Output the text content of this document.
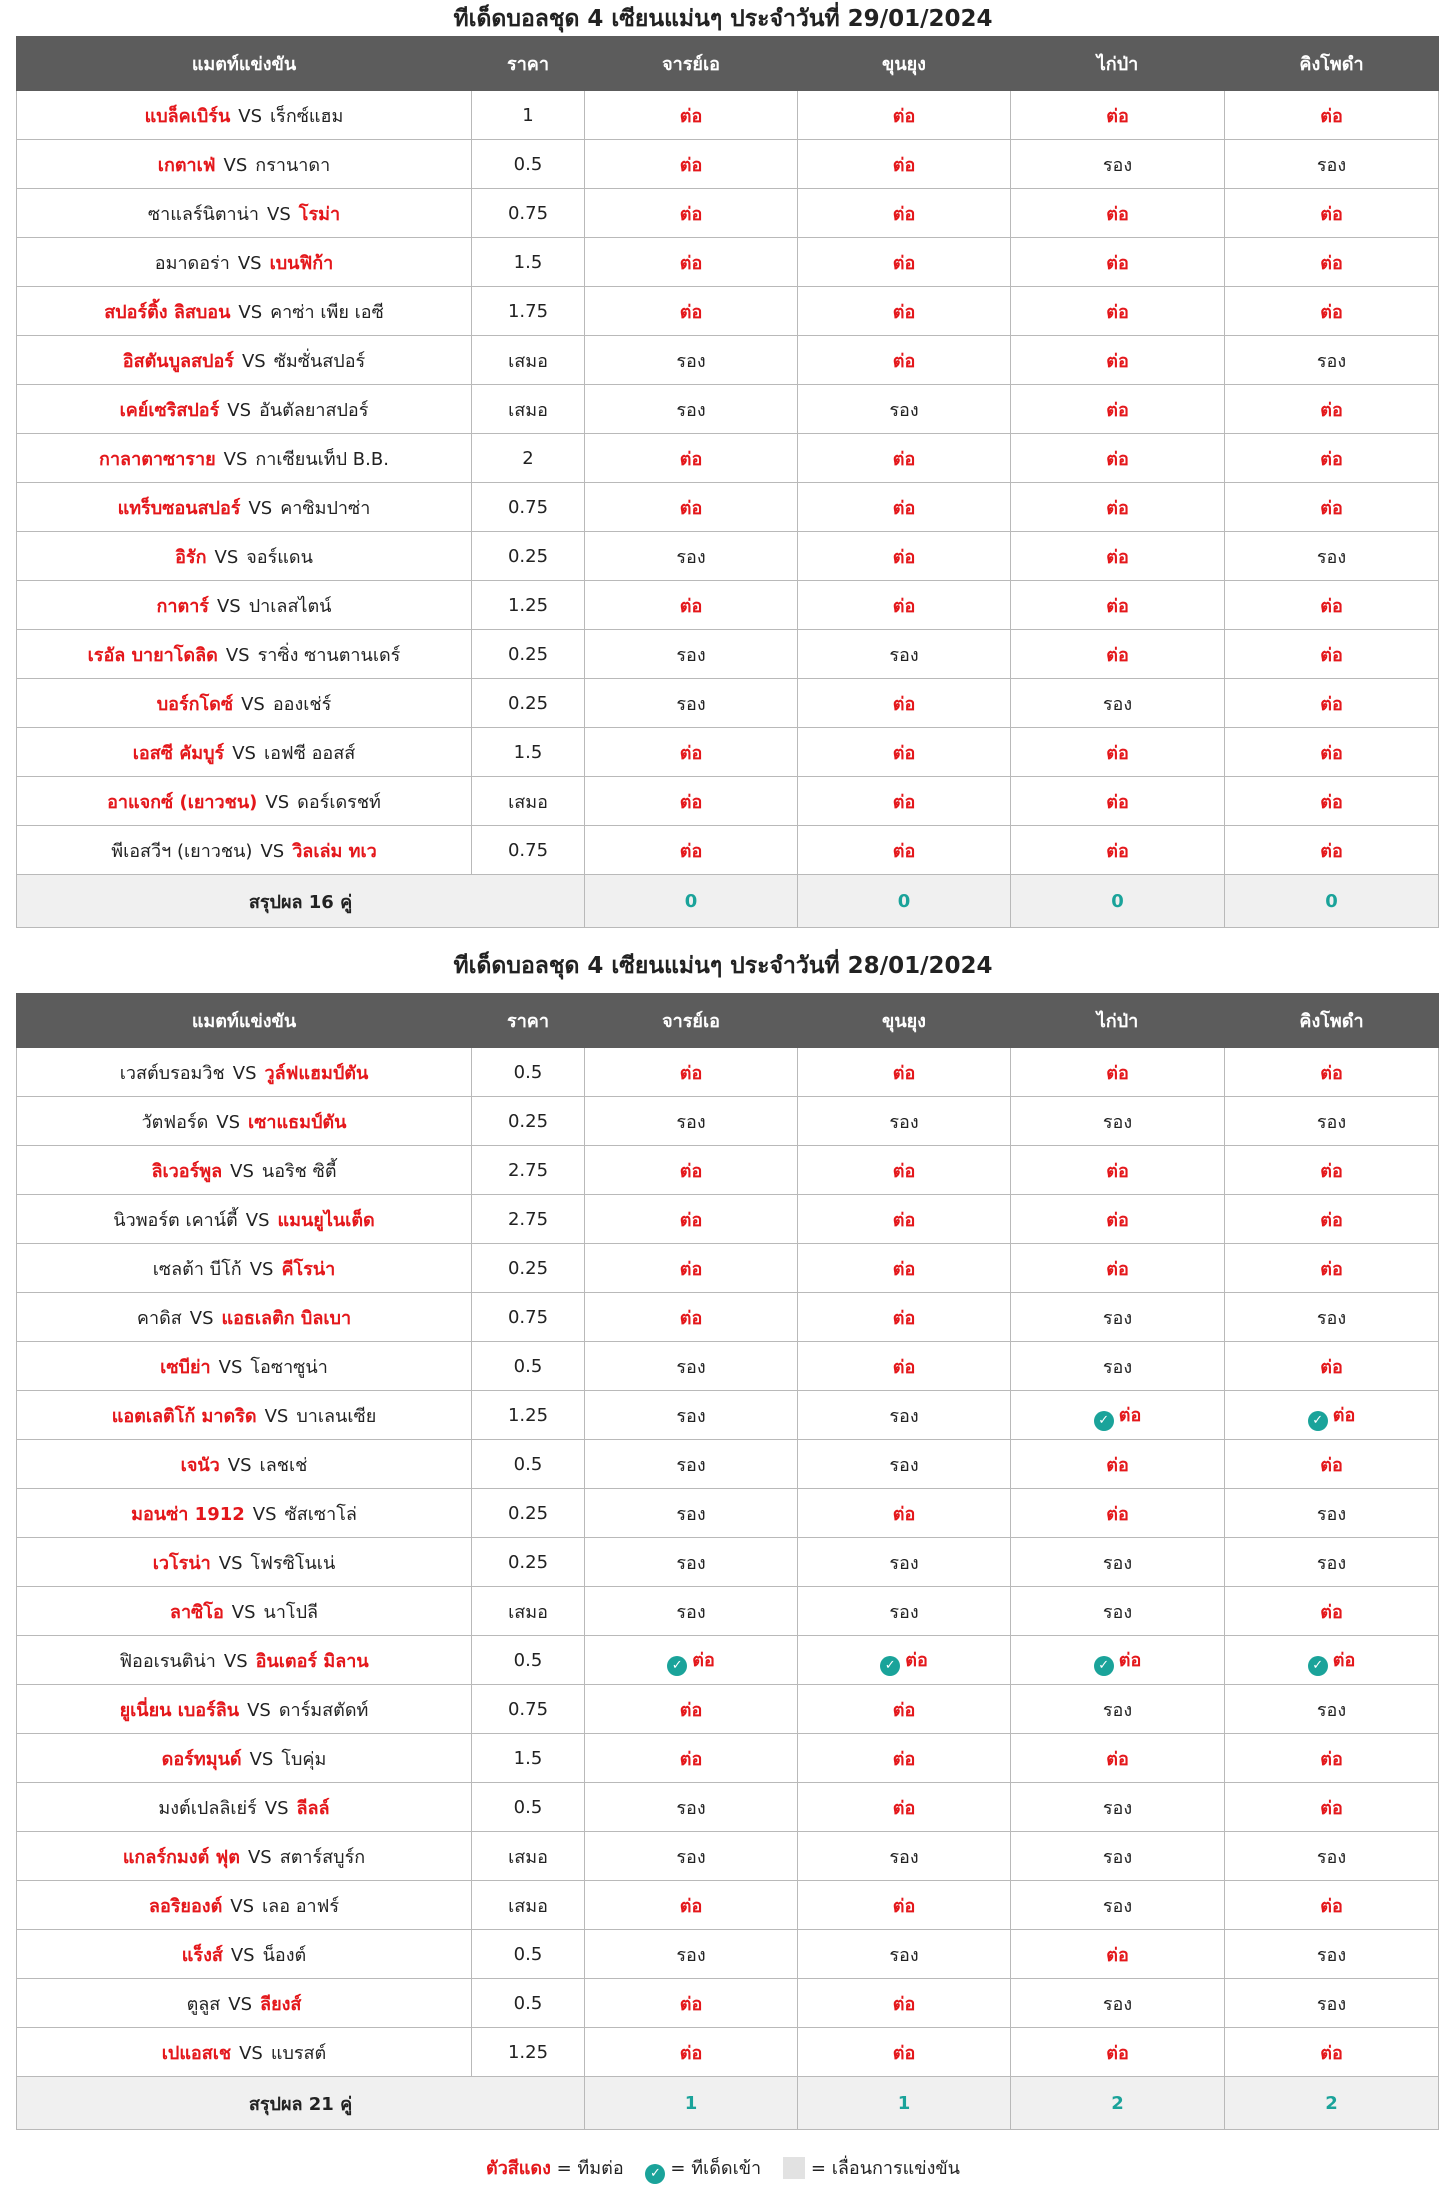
ทีเด็ดบอลชุด 4 เซียนแม่นๆ ประจำวันที่ 29/01/2024
แมตท์แข่งขัน	ราคา	จารย์เอ	ขุนยุง	ไก่ป่า	คิงโพดำ
แบล็คเบิร์น VS เร็กซ์แฮม	1	ต่อ	ต่อ	ต่อ	ต่อ
เกตาเฟ่ VS กรานาดา	0.5	ต่อ	ต่อ	รอง	รอง
ซาแลร์นิตาน่า VS โรม่า	0.75	ต่อ	ต่อ	ต่อ	ต่อ
อมาดอร่า VS เบนฟิก้า	1.5	ต่อ	ต่อ	ต่อ	ต่อ
สปอร์ติ้ง ลิสบอน VS คาซ่า เพีย เอซี	1.75	ต่อ	ต่อ	ต่อ	ต่อ
อิสตันบูลสปอร์ VS ซัมซั่นสปอร์	เสมอ	รอง	ต่อ	ต่อ	รอง
เคย์เซริสปอร์ VS อันตัลยาสปอร์	เสมอ	รอง	รอง	ต่อ	ต่อ
กาลาตาซาราย VS กาเซียนเท็ป B.B.	2	ต่อ	ต่อ	ต่อ	ต่อ
แทร็บซอนสปอร์ VS คาซิมปาซ่า	0.75	ต่อ	ต่อ	ต่อ	ต่อ
อิรัก VS จอร์แดน	0.25	รอง	ต่อ	ต่อ	รอง
กาตาร์ VS ปาเลสไตน์	1.25	ต่อ	ต่อ	ต่อ	ต่อ
เรอัล บายาโดลิด VS ราซิ่ง ซานตานเดร์	0.25	รอง	รอง	ต่อ	ต่อ
บอร์กโดซ์ VS อองเช่ร์	0.25	รอง	ต่อ	รอง	ต่อ
เอสซี คัมบูร์ VS เอฟซี ออสส์	1.5	ต่อ	ต่อ	ต่อ	ต่อ
อาแจกซ์ (เยาวชน) VS ดอร์เดรชท์	เสมอ	ต่อ	ต่อ	ต่อ	ต่อ
พีเอสวีฯ (เยาวชน) VS วิลเล่ม ทเว	0.75	ต่อ	ต่อ	ต่อ	ต่อ
สรุปผล 16 คู่		0	0	0	0
ทีเด็ดบอลชุด 4 เซียนแม่นๆ ประจำวันที่ 28/01/2024
แมตท์แข่งขัน	ราคา	จารย์เอ	ขุนยุง	ไก่ป่า	คิงโพดำ
เวสต์บรอมวิช VS วูล์ฟแฮมป์ตัน	0.5	ต่อ	ต่อ	ต่อ	ต่อ
วัตฟอร์ด VS เซาแธมป์ตัน	0.25	รอง	รอง	รอง	รอง
ลิเวอร์พูล VS นอริช ซิตี้	2.75	ต่อ	ต่อ	ต่อ	ต่อ
นิวพอร์ต เคาน์ตี้ VS แมนยูไนเต็ด	2.75	ต่อ	ต่อ	ต่อ	ต่อ
เซลต้า บีโก้ VS คีโรน่า	0.25	ต่อ	ต่อ	ต่อ	ต่อ
คาดิส VS แอธเลติก บิลเบา	0.75	ต่อ	ต่อ	รอง	รอง
เซบีย่า VS โอซาซูน่า	0.5	รอง	ต่อ	รอง	ต่อ
แอตเลติโก้ มาดริด VS บาเลนเซีย	1.25	รอง	รอง	✓ ต่อ	✓ ต่อ
เจนัว VS เลชเช่	0.5	รอง	รอง	ต่อ	ต่อ
มอนซ่า 1912 VS ซัสเซาโล่	0.25	รอง	ต่อ	ต่อ	รอง
เวโรน่า VS โฟรซิโนเน่	0.25	รอง	รอง	รอง	รอง
ลาซิโอ VS นาโปลี	เสมอ	รอง	รอง	รอง	ต่อ
ฟิออเรนติน่า VS อินเตอร์ มิลาน	0.5	✓ ต่อ	✓ ต่อ	✓ ต่อ	✓ ต่อ
ยูเนี่ยน เบอร์ลิน VS ดาร์มสตัดท์	0.75	ต่อ	ต่อ	รอง	รอง
ดอร์ทมุนด์ VS โบคุ่ม	1.5	ต่อ	ต่อ	ต่อ	ต่อ
มงต์เปลลิเย่ร์ VS ลีลล์	0.5	รอง	ต่อ	รอง	ต่อ
แกลร์กมงต์ ฟุต VS สตาร์สบูร์ก	เสมอ	รอง	รอง	รอง	รอง
ลอริยองต์ VS เลอ อาฟร์	เสมอ	ต่อ	ต่อ	รอง	ต่อ
แร็งส์ VS น็องต์	0.5	รอง	รอง	ต่อ	รอง
ตูลูส VS ลียงส์	0.5	ต่อ	ต่อ	รอง	รอง
เปแอสเช VS แบรสต์	1.25	ต่อ	ต่อ	ต่อ	ต่อ
สรุปผล 21 คู่		1	1	2	2
ตัวสีแดง = ทีมต่อ ✓ = ทีเด็ดเข้า	= เลื่อนการแข่งขัน
